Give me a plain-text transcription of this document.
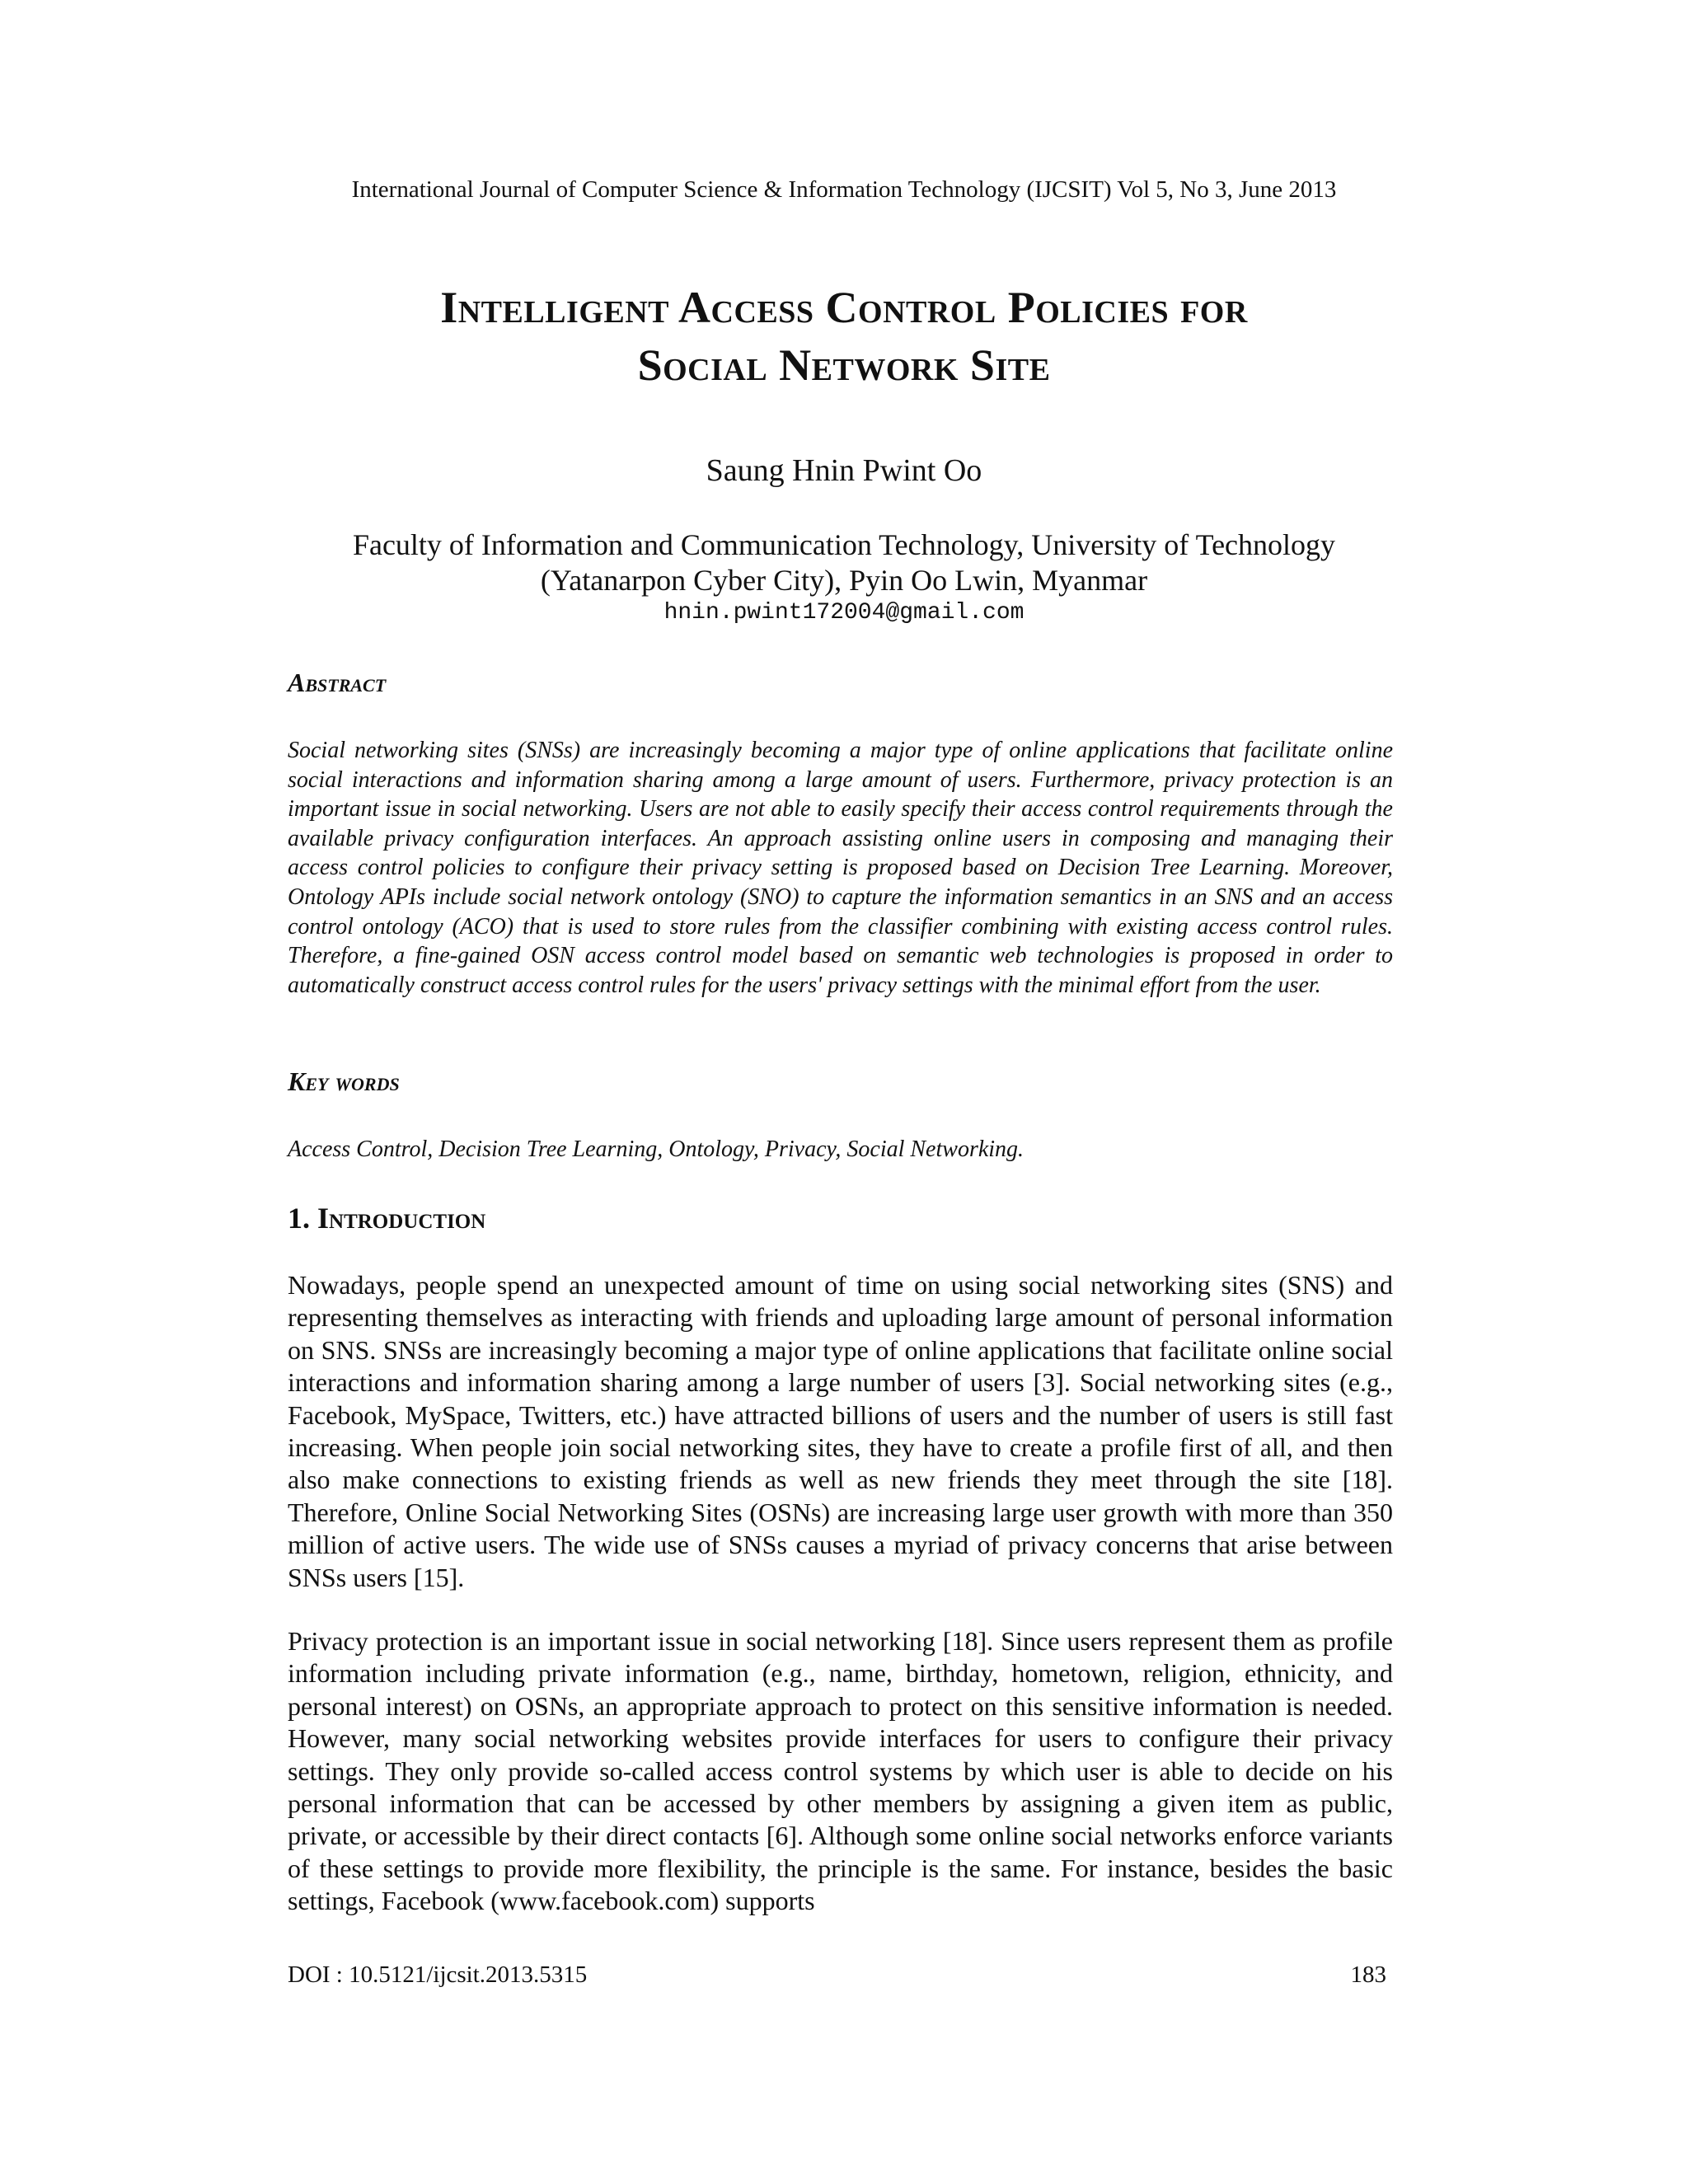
International Journal of Computer Science & Information Technology (IJCSIT) Vol 5, No 3, June 2013
Intelligent Access Control Policies for
Social Network Site
Saung Hnin Pwint Oo
Faculty of Information and Communication Technology, University of Technology
(Yatanarpon Cyber City), Pyin Oo Lwin, Myanmar
hnin.pwint172004@gmail.com
Abstract

Social networking sites (SNSs) are increasingly becoming a major type of online applications that facilitate online social interactions and information sharing among a large amount of users. Furthermore, privacy protection is an important issue in social networking. Users are not able to easily specify their access control requirements through the available privacy configuration interfaces. An approach assisting online users in composing and managing their access control policies to configure their privacy setting is proposed based on Decision Tree Learning. Moreover, Ontology APIs include social network ontology (SNO) to capture the information semantics in an SNS and an access control ontology (ACO) that is used to store rules from the classifier combining with existing access control rules. Therefore, a fine-gained OSN access control model based on semantic web technologies is proposed in order to automatically construct access control rules for the users' privacy settings with the minimal effort from the user.

Key words

Access Control, Decision Tree Learning, Ontology, Privacy, Social Networking.

1. Introduction

Nowadays, people spend an unexpected amount of time on using social networking sites (SNS) and representing themselves as interacting with friends and uploading large amount of personal information on SNS. SNSs are increasingly becoming a major type of online applications that facilitate online social interactions and information sharing among a large number of users [3]. Social networking sites (e.g., Facebook, MySpace, Twitters, etc.) have attracted billions of users and the number of users is still fast increasing. When people join social networking sites, they have to create a profile first of all, and then also make connections to existing friends as well as new friends they meet through the site [18]. Therefore, Online Social Networking Sites (OSNs) are increasing large user growth with more than 350 million of active users. The wide use of SNSs causes a myriad of privacy concerns that arise between SNSs users [15].

Privacy protection is an important issue in social networking [18]. Since users represent them as profile information including private information (e.g., name, birthday, hometown, religion, ethnicity, and personal interest) on OSNs, an appropriate approach to protect on this sensitive information is needed. However, many social networking websites provide interfaces for users to configure their privacy settings. They only provide so-called access control systems by which user is able to decide on his personal information that can be accessed by other members by assigning a given item as public, private, or accessible by their direct contacts [6]. Although some online social networks enforce variants of these settings to provide more flexibility, the principle is the same. For instance, besides the basic settings, Facebook (www.facebook.com) supports

DOI : 10.5121/ijcsit.2013.5315	183
